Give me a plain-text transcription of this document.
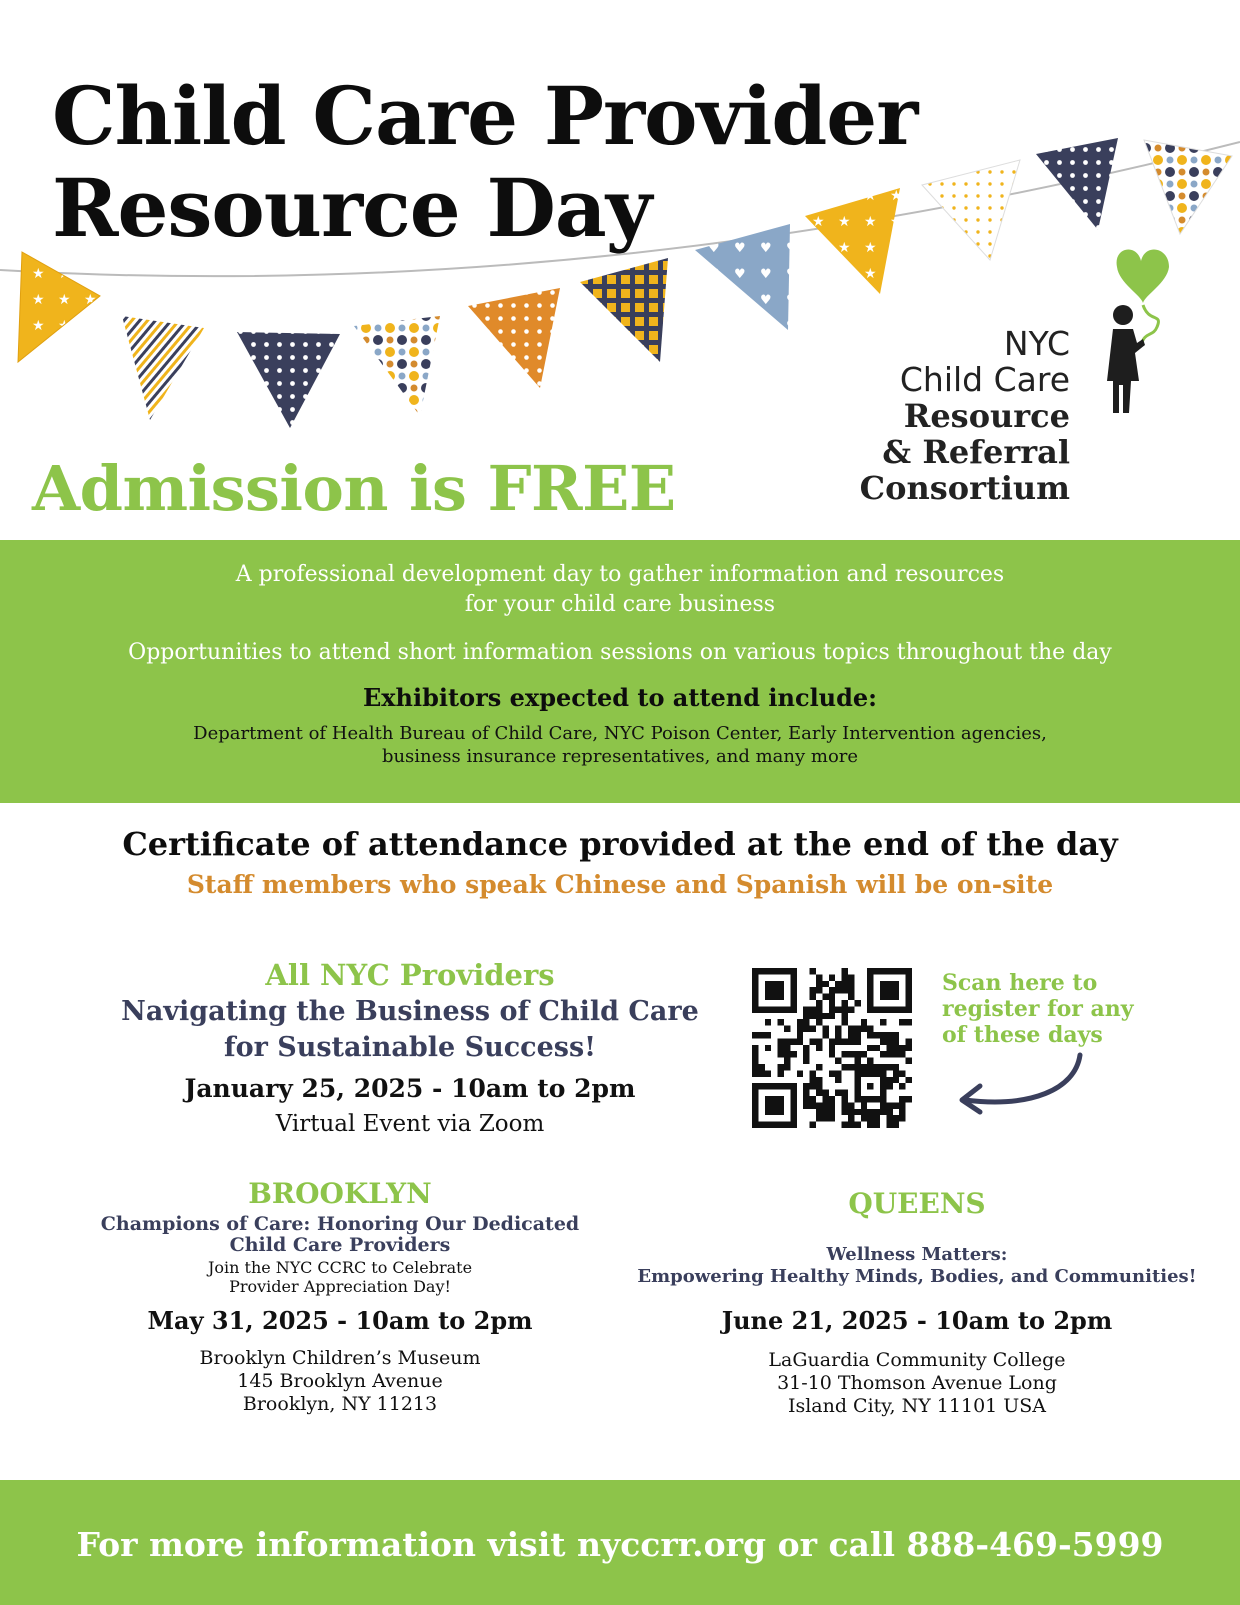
Child Care Provider
Resource Day
NYC
Child Care
Resource
& Referral
Consortium
Admission is FREE
A professional development day to gather information and resources
for your child care business
Opportunities to attend short information sessions on various topics throughout the day
Exhibitors expected to attend include:
Department of Health Bureau of Child Care, NYC Poison Center, Early Intervention agencies,
business insurance representatives, and many more
Certificate of attendance provided at the end of the day
Staff members who speak Chinese and Spanish will be on-site
All NYC Providers
Navigating the Business of Child Care
for Sustainable Success!
January 25, 2025 - 10am to 2pm
Virtual Event via Zoom
Scan here to
register for any
of these days
BROOKLYN
Champions of Care: Honoring Our Dedicated
Child Care Providers
Join the NYC CCRC to Celebrate
Provider Appreciation Day!
May 31, 2025 - 10am to 2pm
Brooklyn Children’s Museum
145 Brooklyn Avenue
Brooklyn, NY 11213
QUEENS
Wellness Matters:
Empowering Healthy Minds, Bodies, and Communities!
June 21, 2025 - 10am to 2pm
LaGuardia Community College
31-10 Thomson Avenue Long
Island City, NY 11101 USA
For more information visit nyccrr.org or call 888-469-5999
